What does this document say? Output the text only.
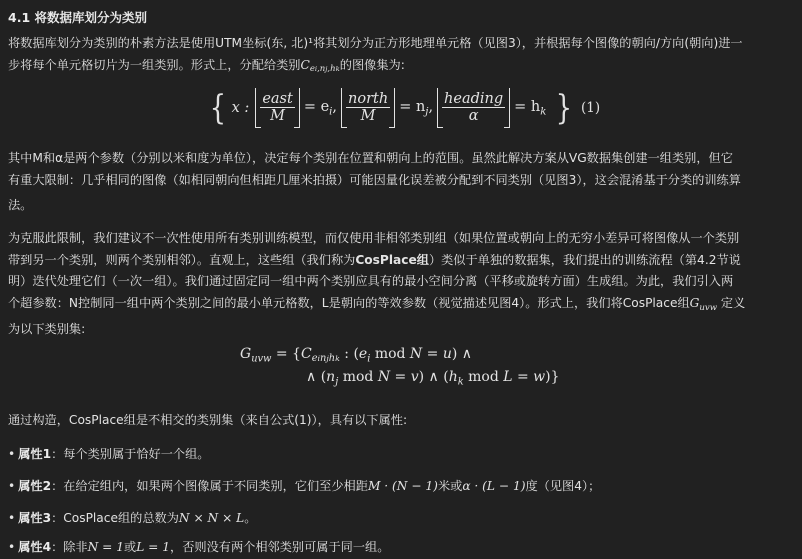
4.1 将数据库划分为类别
将数据库划分为类别的朴素方法是使用UTM坐标(东, 北)¹将其划分为正方形地理单元格（见图3），并根据每个图像的朝向/方向(朝向)进一
步将每个单元格切片为一组类别。形式上，分配给类别$C_{ei,nj,hk}$的图像集为:
{ x : $\frac{\text{east}}{M} = e_i$, $\frac{\text{north}}{M} = n_j$, $\frac{\text{heading}}{\alpha} = h_k$ } (1)
其中M和α是两个参数（分别以米和度为单位），决定每个类别在位置和朝向上的范围。虽然此解决方案从VG数据集创建一组类别，但它
有重大限制：几乎相同的图像（如相同朝向但相距几厘米拍摄）可能因量化误差被分配到不同类别（见图3），这会混淆基于分类的训练算
法。
为克服此限制，我们建议不一次性使用所有类别训练模型，而仅使用非相邻类别组（如果位置或朝向上的无穷小差异可将图像从一个类别
带到另一个类别，则两个类别相邻）。直观上，这些组（我们称为CosPlace组）类似于单独的数据集，我们提出的训练流程（第4.2节说
明）迭代处理它们（一次一组）。我们通过固定同一组中两个类别应具有的最小空间分离（平移或旋转方面）生成组。为此，我们引入两
个超参数：N控制同一组中两个类别之间的最小单元格数，L是朝向的等效参数（视觉描述见图4）。形式上，我们将CosPlace组$G_{uvw}$ 定义
为以下类别集:
$G_{uvw} = \{C_{einjhk}$ : ($e_i$ mod N = u) ∧
∧ ($n_j$ mod N = v) ∧ ($h_k$ mod L = w)}
通过构造，CosPlace组是不相交的类别集（来自公式(1)），具有以下属性:
• 属性1：每个类别属于恰好一个组。
• 属性2：在给定组内，如果两个图像属于不同类别，它们至少相距M · (N − 1)米或α · (L − 1)度（见图4）；
• 属性3：CosPlace组的总数为N × N × L。
• 属性4：除非N = 1或L = 1，否则没有两个相邻类别可属于同一组。
